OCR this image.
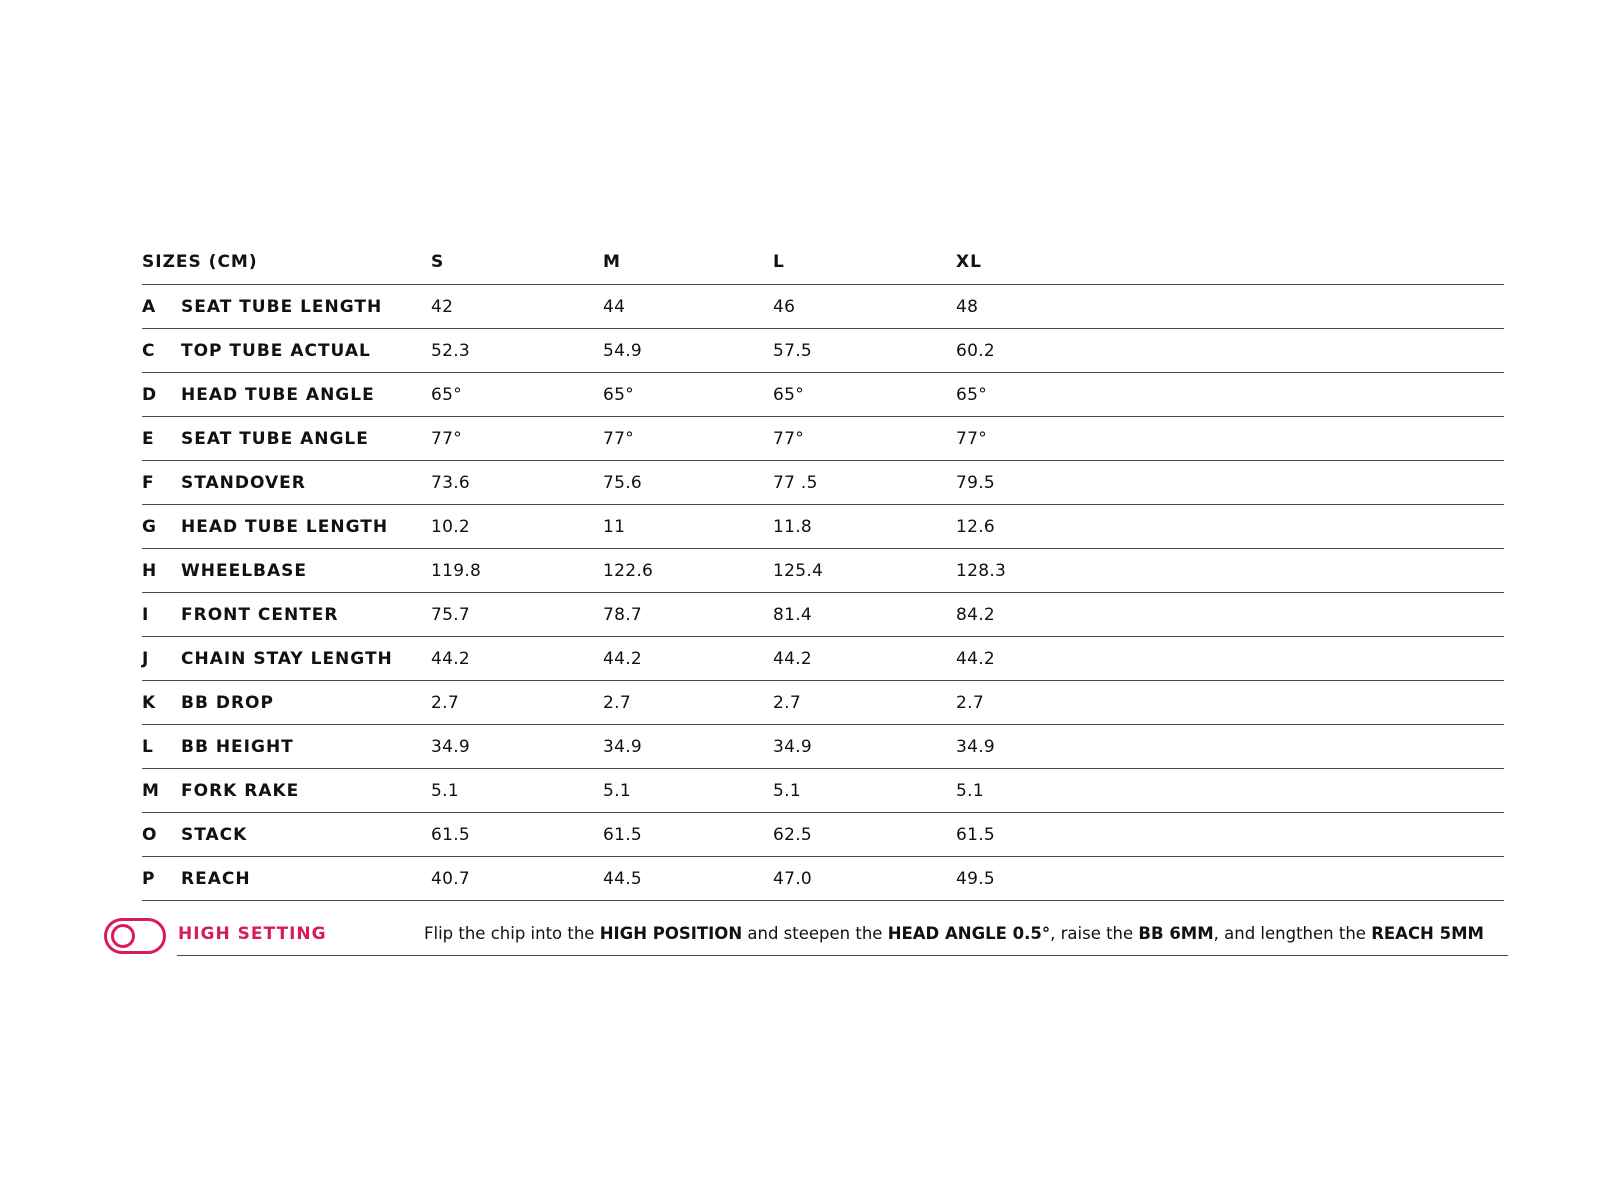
SIZES (CM)	S	M	L	XL
A SEAT TUBE LENGTH	42	44	46	48
C TOP TUBE ACTUAL	52.3	54.9	57.5	60.2
D HEAD TUBE ANGLE	65°	65°	65°	65°
E SEAT TUBE ANGLE	77°	77°	77°	77°
F STANDOVER	73.6	75.6	77 .5	79.5
G HEAD TUBE LENGTH	10.2	11	11.8	12.6
H WHEELBASE	119.8	122.6	125.4	128.3
I FRONT CENTER	75.7	78.7	81.4	84.2
J CHAIN STAY LENGTH 44.2	44.2	44.2	44.2
K BB DROP	2.7	2.7	2.7	2.7
L BB HEIGHT	34.9	34.9	34.9	34.9
M FORK RAKE	5.1	5.1	5.1	5.1
O STACK	61.5	61.5	62.5	61.5
P REACH	40.7	44.5	47.0	49.5
HIGH SETTING	Flip the chip into the HIGH POSITION and steepen the HEAD ANGLE 0.5°, raise the BB 6MM, and lengthen the REACH 5MM
